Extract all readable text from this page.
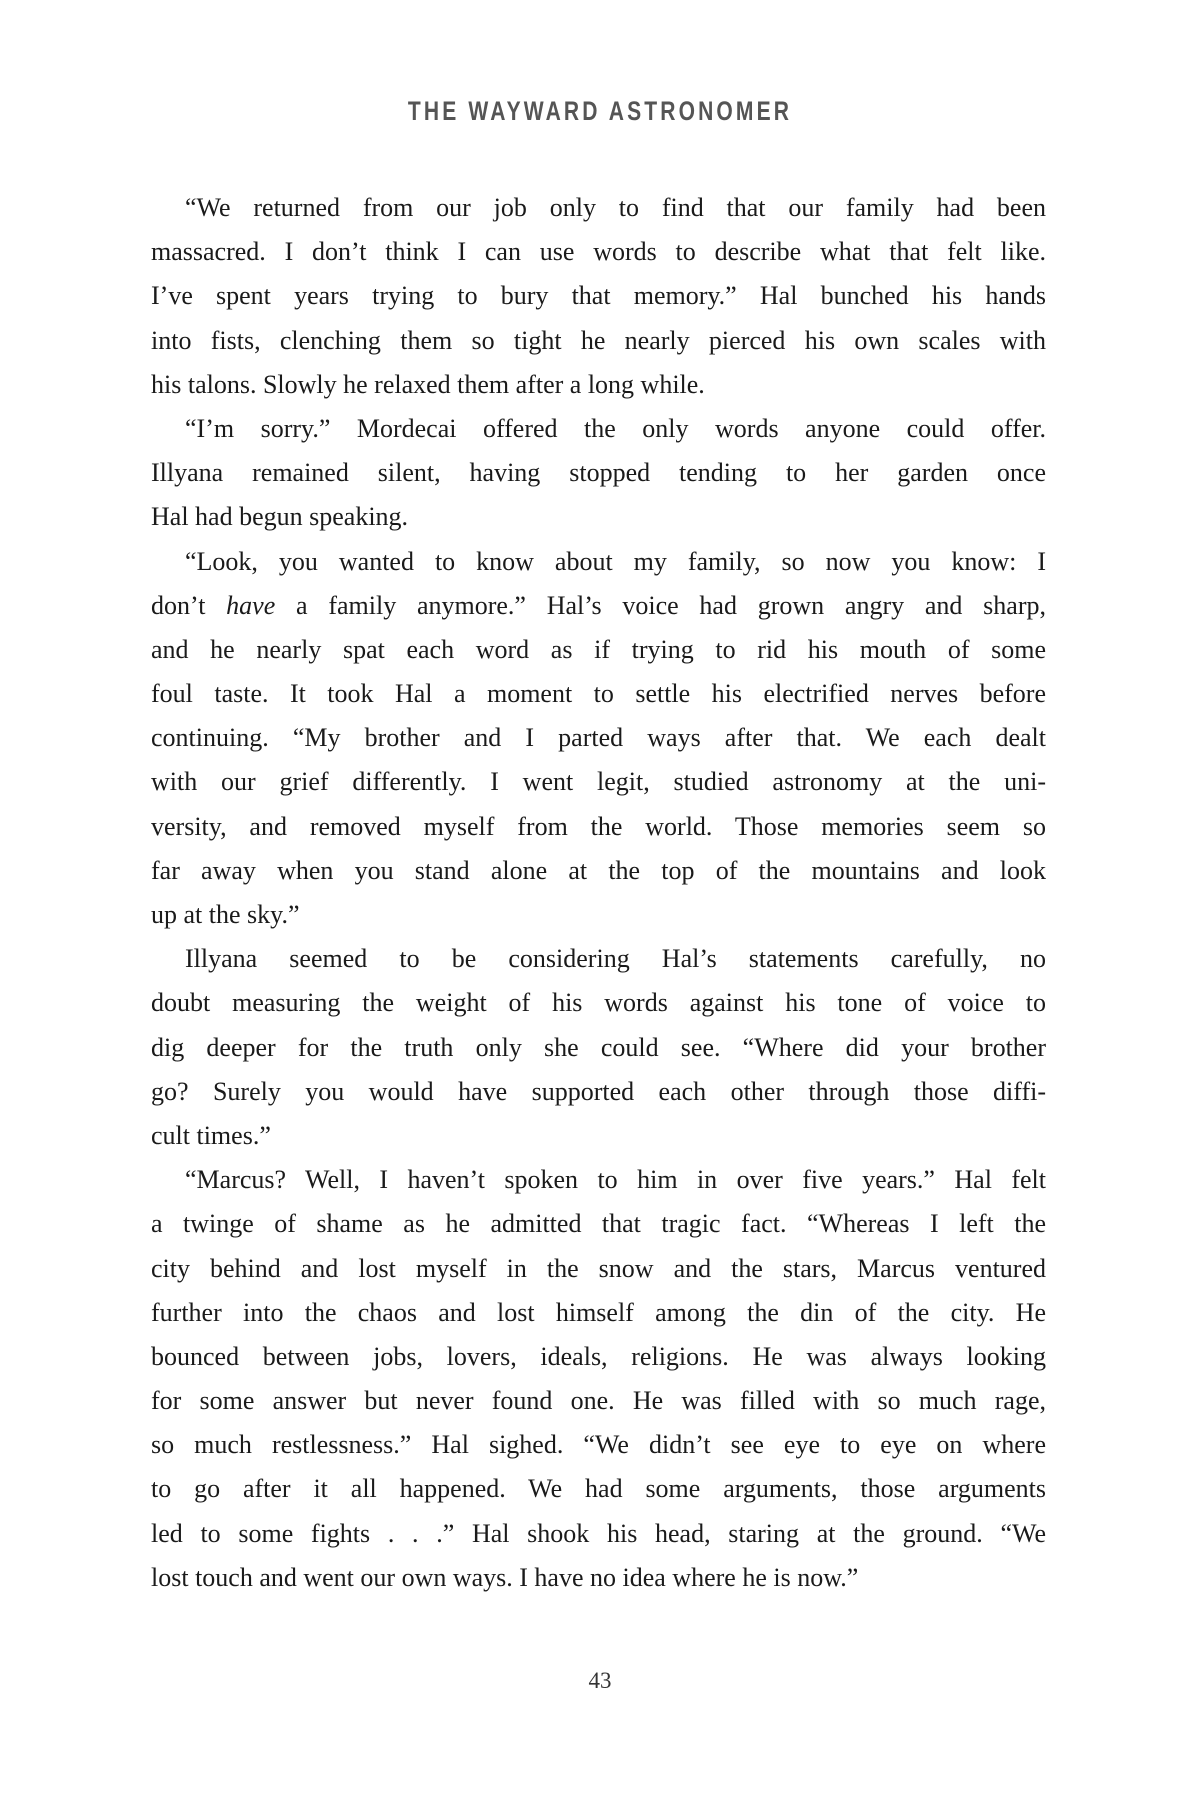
THE WAYWARD ASTRONOMER
“We returned from our job only to find that our family had been
massacred. I don’t think I can use words to describe what that felt like.
I’ve spent years trying to bury that memory.” Hal bunched his hands
into fists, clenching them so tight he nearly pierced his own scales with
his talons. Slowly he relaxed them after a long while.
“I’m sorry.” Mordecai offered the only words anyone could offer.
Illyana remained silent, having stopped tending to her garden once
Hal had begun speaking.
“Look, you wanted to know about my family, so now you know: I
don’t have a family anymore.” Hal’s voice had grown angry and sharp,
and he nearly spat each word as if trying to rid his mouth of some
foul taste. It took Hal a moment to settle his electrified nerves before
continuing. “My brother and I parted ways after that. We each dealt
with our grief differently. I went legit, studied astronomy at the uni-
versity, and removed myself from the world. Those memories seem so
far away when you stand alone at the top of the mountains and look
up at the sky.”
Illyana seemed to be considering Hal’s statements carefully, no
doubt measuring the weight of his words against his tone of voice to
dig deeper for the truth only she could see. “Where did your brother
go? Surely you would have supported each other through those diffi-
cult times.”
“Marcus? Well, I haven’t spoken to him in over five years.” Hal felt
a twinge of shame as he admitted that tragic fact. “Whereas I left the
city behind and lost myself in the snow and the stars, Marcus ventured
further into the chaos and lost himself among the din of the city. He
bounced between jobs, lovers, ideals, religions. He was always looking
for some answer but never found one. He was filled with so much rage,
so much restlessness.” Hal sighed. “We didn’t see eye to eye on where
to go after it all happened. We had some arguments, those arguments
led to some fights . . .” Hal shook his head, staring at the ground. “We
lost touch and went our own ways. I have no idea where he is now.”
43
